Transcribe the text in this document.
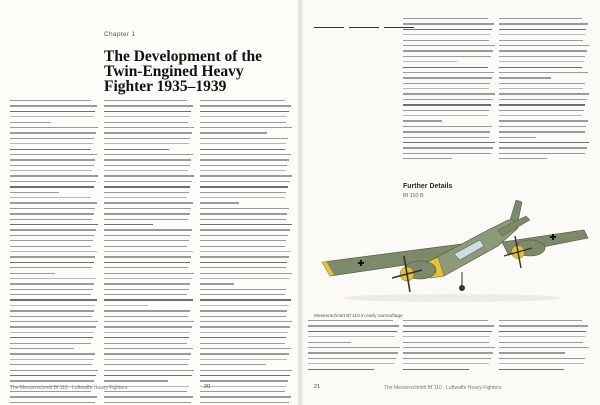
Chapter 1
The Development of the Twin-Engined Heavy Fighter 1935–1939
The Messerschmitt Bf 110 · Luftwaffe Heavy Fighters	20	The Messerschmitt Bf 110 · Luftwaffe Heavy Fighters
21
Further Details
Bf 110 B
Messerschmitt Bf 110 in early camouflage
